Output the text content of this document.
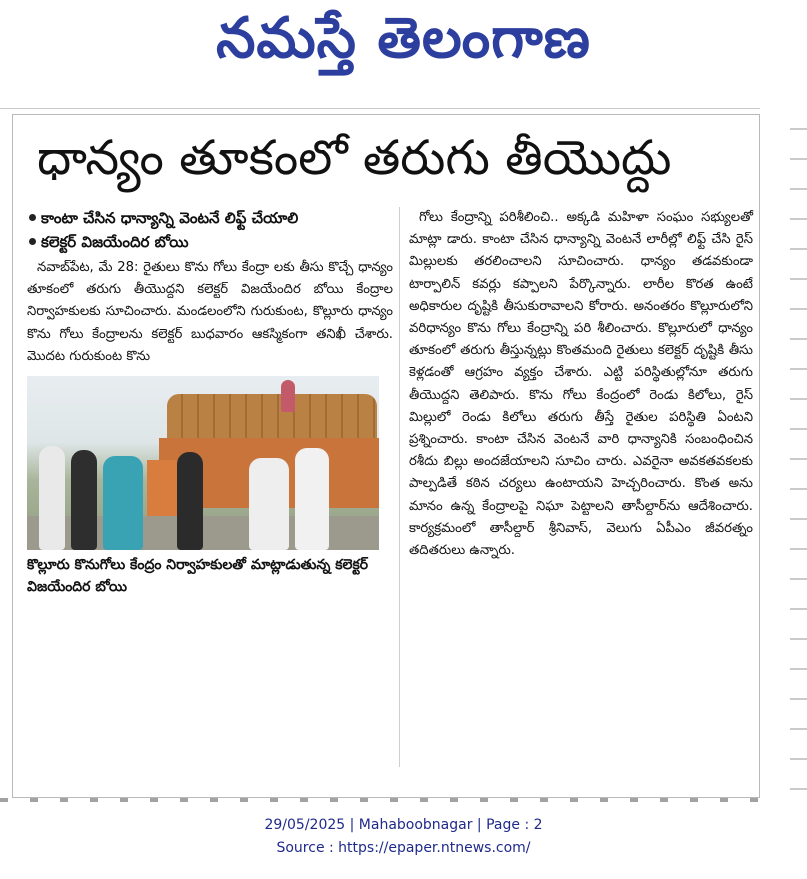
నమస్తే తెలంగాణ
ధాన్యం తూకంలో తరుగు తీయొద్దు
కాంటా చేసిన ధాన్యాన్ని వెంటనే లిఫ్ట్ చేయాలి
కలెక్టర్ విజయేందిర బోయి

నవాబ్‌పేట, మే 28: రైతులు కొను గోలు కేంద్రా లకు తీసు కొచ్చే ధాన్యం తూకంలో తరుగు తీయొద్దని కలెక్టర్ విజయేందిర బోయి కేంద్రాల నిర్వాహకులకు సూచించారు. మండలంలోని గురుకుంట, కొల్లూరు ధాన్యం కొను గోలు కేంద్రాలను కలెక్టర్ బుధవారం ఆకస్మికంగా తనిఖీ చేశారు. మొదట గురుకుంట కొను

కొల్లూరు కొనుగోలు కేంద్రం నిర్వాహకులతో మాట్లాడుతున్న కలెక్టర్ విజయేందిర బోయి

గోలు కేంద్రాన్ని పరిశీలించి.. అక్కడి మహిళా సంఘం సభ్యులతో మాట్లా డారు. కాంటా చేసిన ధాన్యాన్ని వెంటనే లారీల్లో లిఫ్ట్ చేసి రైస్ మిల్లులకు తరలించాలని సూచించారు. ధాన్యం తడవకుండా టార్పాలిన్ కవర్లు కప్పాలని పేర్కొన్నారు. లారీల కొరత ఉంటే అధికారుల దృష్టికి తీసుకురావాలని కోరారు. అనంతరం కొల్లూరులోని వరిధాన్యం కొను గోలు కేంద్రాన్ని పరి శీలించారు. కొల్లూరులో ధాన్యం తూకంలో తరుగు తీస్తున్నట్లు కొంతమంది రైతులు కలెక్టర్ దృష్టికి తీసు కెళ్లడంతో ఆగ్రహం వ్యక్తం చేశారు. ఎట్టి పరిస్థితుల్లోనూ తరుగు తీయొద్దని తెలిపారు. కొను గోలు కేంద్రంలో రెండు కిలోలు, రైస్ మిల్లులో రెండు కిలోలు తరుగు తీస్తే రైతుల పరిస్థితి ఏంటని ప్రశ్నించారు. కాంటా చేసిన వెంటనే వారి ధాన్యానికి సంబంధించిన రశీదు బిల్లు అందజేయాలని సూచిం చారు. ఎవరైనా అవకతవకలకు పాల్పడితే కఠిన చర్యలు ఉంటాయని హెచ్చరించారు. కొంత అను మానం ఉన్న కేంద్రాలపై నిఘా పెట్టాలని తాసీల్దార్‌ను ఆదేశించారు. కార్యక్రమంలో తాసీల్దార్ శ్రీనివాస్, వెలుగు ఏపీఎం జీవరత్నం తదితరులు ఉన్నారు.

29/05/2025 | Mahaboobnagar | Page : 2
Source : https://epaper.ntnews.com/
